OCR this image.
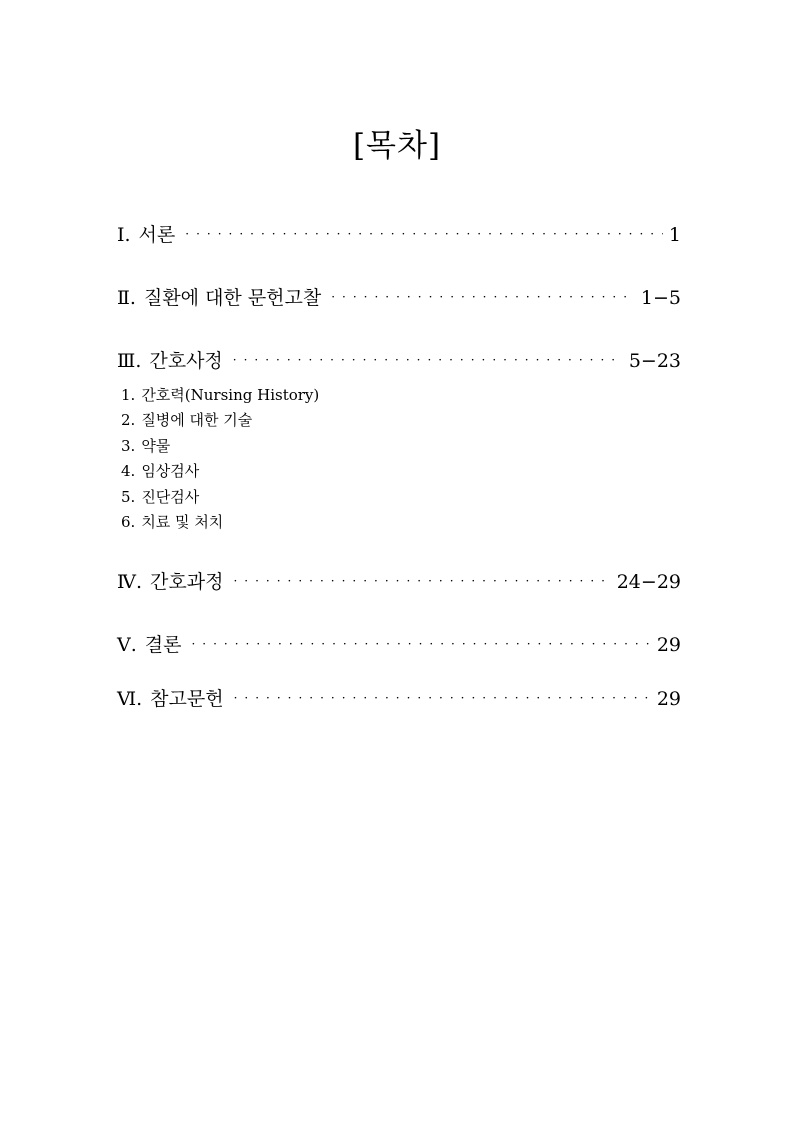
[목차]
Ⅰ. 서론 ·····	1
Ⅱ. 질환에 대한 문헌고찰 ·····	1−5
Ⅲ. 간호사정 ·····	5−23
Ⅳ. 간호과정 ·····	24−29
Ⅴ. 결론 ·····	29
Ⅵ. 참고문헌 ·····	29
1. 간호력(Nursing History)
2. 질병에 대한 기술
3. 약물
4. 임상검사
5. 진단검사
6. 치료 및 처치
